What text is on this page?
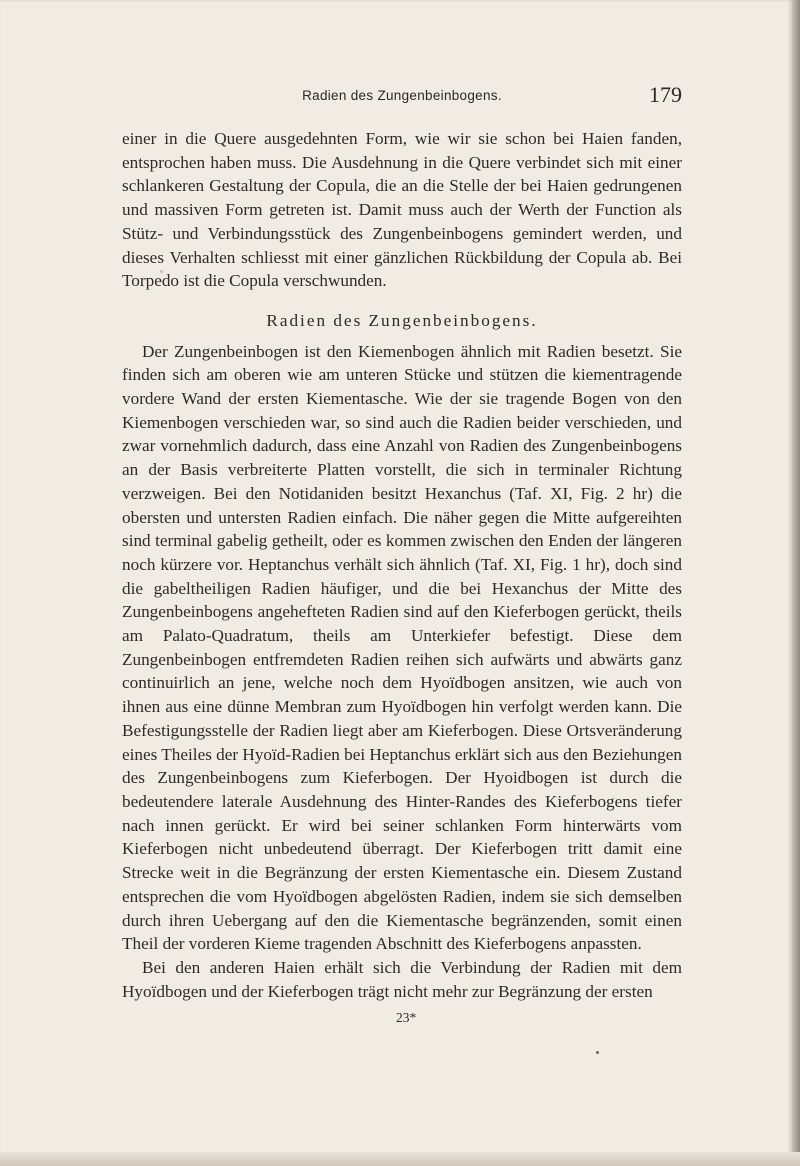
Radien des Zungenbeinbogens.	179

einer in die Quere ausgedehnten Form, wie wir sie schon bei Haien fanden, entsprochen haben muss. Die Ausdehnung in die Quere verbindet sich mit einer schlankeren Gestaltung der Copula, die an die Stelle der bei Haien gedrungenen und massiven Form getreten ist. Damit muss auch der Werth der Function als Stütz- und Verbindungsstück des Zungenbeinbogens gemindert werden, und dieses Verhalten schliesst mit einer gänzlichen Rückbildung der Copula ab. Bei Torpedo ist die Copula verschwunden.

Radien des Zungenbeinbogens.

Der Zungenbeinbogen ist den Kiemenbogen ähnlich mit Radien besetzt. Sie finden sich am oberen wie am unteren Stücke und stützen die kiementragende vordere Wand der ersten Kiementasche. Wie der sie tragende Bogen von den Kiemenbogen verschieden war, so sind auch die Radien beider verschieden, und zwar vornehmlich dadurch, dass eine Anzahl von Radien des Zungenbeinbogens an der Basis verbreiterte Platten vorstellt, die sich in terminaler Richtung verzweigen. Bei den Notidaniden besitzt Hexanchus (Taf. XI, Fig. 2 hr) die obersten und untersten Radien einfach. Die näher gegen die Mitte aufgereihten sind terminal gabelig getheilt, oder es kommen zwischen den Enden der längeren noch kürzere vor. Heptanchus verhält sich ähnlich (Taf. XI, Fig. 1 hr), doch sind die gabeltheiligen Radien häufiger, und die bei Hexanchus der Mitte des Zungenbeinbogens angehefteten Radien sind auf den Kieferbogen gerückt, theils am Palato-Quadratum, theils am Unterkiefer befestigt. Diese dem Zungenbeinbogen entfremdeten Radien reihen sich aufwärts und abwärts ganz continuirlich an jene, welche noch dem Hyoïdbogen ansitzen, wie auch von ihnen aus eine dünne Membran zum Hyoïdbogen hin verfolgt werden kann. Die Befestigungsstelle der Radien liegt aber am Kieferbogen. Diese Ortsveränderung eines Theiles der Hyoïd-Radien bei Heptanchus erklärt sich aus den Beziehungen des Zungenbeinbogens zum Kieferbogen. Der Hyoidbogen ist durch die bedeutendere laterale Ausdehnung des Hinter-Randes des Kieferbogens tiefer nach innen gerückt. Er wird bei seiner schlanken Form hinterwärts vom Kieferbogen nicht unbedeutend überragt. Der Kieferbogen tritt damit eine Strecke weit in die Begränzung der ersten Kiementasche ein. Diesem Zustand entsprechen die vom Hyoïdbogen abgelösten Radien, indem sie sich demselben durch ihren Uebergang auf den die Kiementasche begränzenden, somit einen Theil der vorderen Kieme tragenden Abschnitt des Kieferbogens anpassten.

Bei den anderen Haien erhält sich die Verbindung der Radien mit dem Hyoïdbogen und der Kieferbogen trägt nicht mehr zur Begränzung der ersten

23*
